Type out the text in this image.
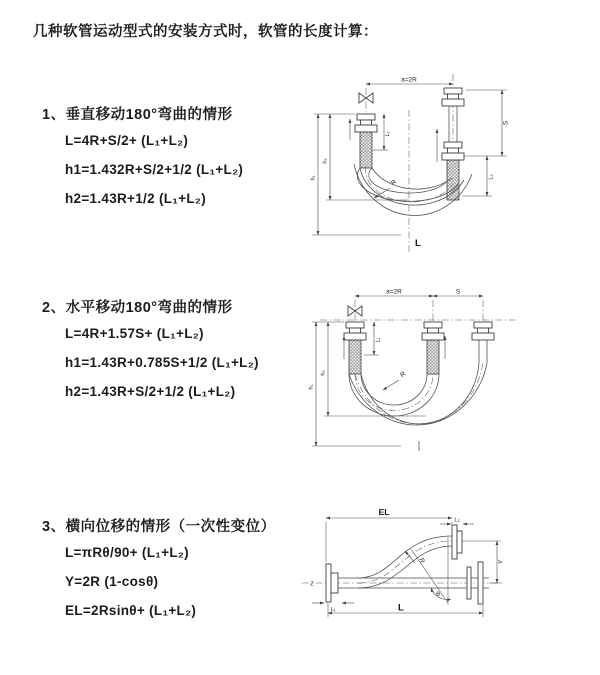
几种软管运动型式的安装方式时，软管的长度计算：
1、垂直移动180°弯曲的情形
L=4R+S/2+ (L₁+L₂)
h1=1.432R+S/2+1/2 (L₁+L₂)
h2=1.43R+1/2 (L₁+L₂)
2、水平移动180°弯曲的情形
L=4R+1.57S+ (L₁+L₂)
h1=1.43R+0.785S+1/2 (L₁+L₂)
h2=1.43R+S/2+1/2 (L₁+L₂)
3、横向位移的情形（一次性变位）
L=πRθ/90+ (L₁+L₂)
Y=2R (1-cosθ)
EL=2Rsinθ+ (L₁+L₂)
a=2R
L₁
S
L₂
h₁
h₂
R
L
a=2R	S
L₁
h₁
h₂	R
θ
EL
L₂
Y
L
L₁
R
Z
